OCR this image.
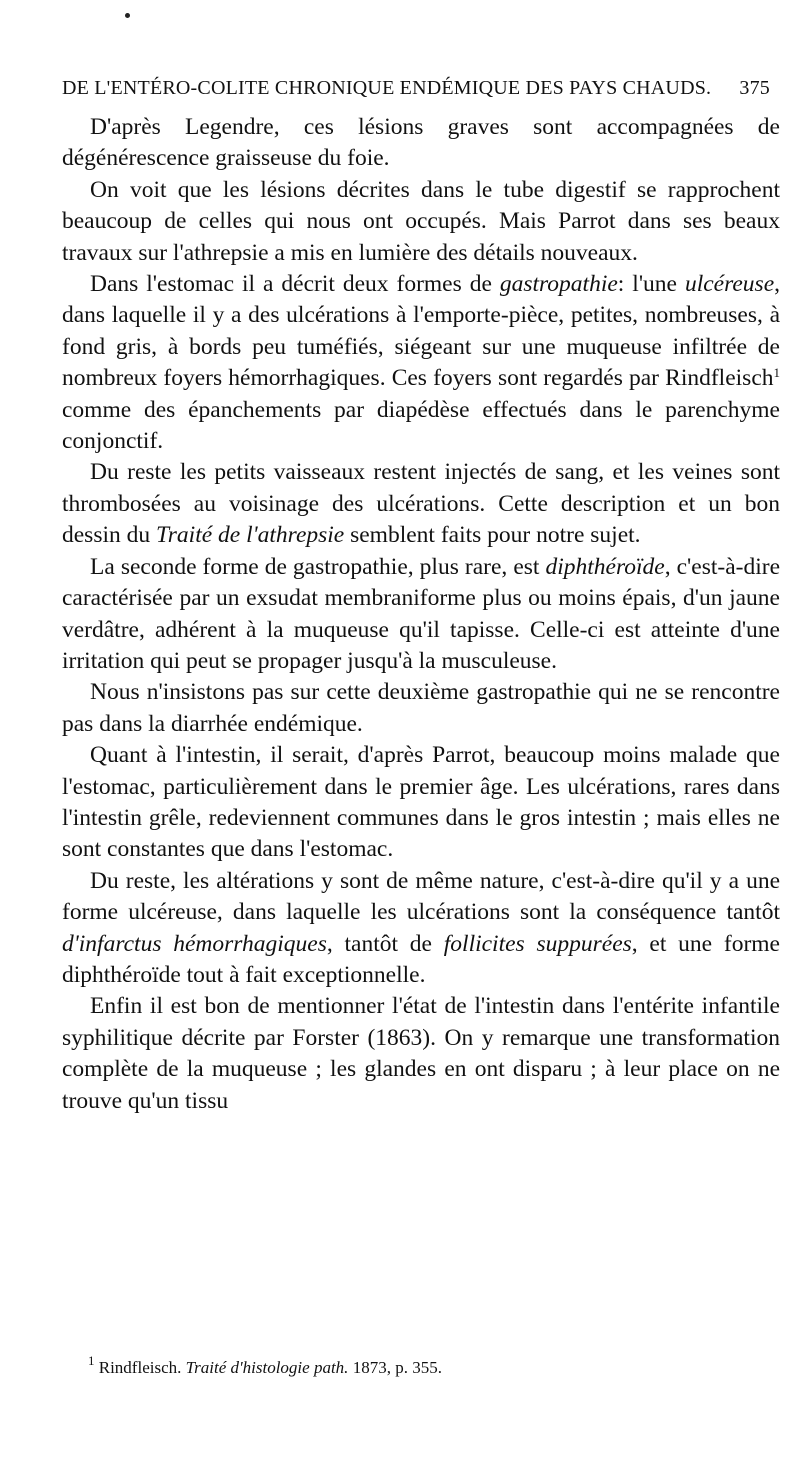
DE L'ENTÉRO-COLITE CHRONIQUE ENDÉMIQUE DES PAYS CHAUDS. 375

D'après Legendre, ces lésions graves sont accompagnées de dégénérescence graisseuse du foie.

On voit que les lésions décrites dans le tube digestif se rapprochent beaucoup de celles qui nous ont occupés. Mais Parrot dans ses beaux travaux sur l'athrepsie a mis en lumière des détails nouveaux.

Dans l'estomac il a décrit deux formes de gastropathie: l'une ulcéreuse, dans laquelle il y a des ulcérations à l'emporte-pièce, petites, nombreuses, à fond gris, à bords peu tuméfiés, siégeant sur une muqueuse infiltrée de nombreux foyers hémorrhagiques. Ces foyers sont regardés par Rindfleisch$^1$ comme des épanchements par diapédèse effectués dans le parenchyme conjonctif.

Du reste les petits vaisseaux restent injectés de sang, et les veines sont thrombosées au voisinage des ulcérations. Cette description et un bon dessin du Traité de l'athrepsie semblent faits pour notre sujet.

La seconde forme de gastropathie, plus rare, est diphthéroïde, c'est-à-dire caractérisée par un exsudat membraniforme plus ou moins épais, d'un jaune verdâtre, adhérent à la muqueuse qu'il tapisse. Celle-ci est atteinte d'une irritation qui peut se propager jusqu'à la musculeuse.

Nous n'insistons pas sur cette deuxième gastropathie qui ne se rencontre pas dans la diarrhée endémique.

Quant à l'intestin, il serait, d'après Parrot, beaucoup moins malade que l'estomac, particulièrement dans le premier âge. Les ulcérations, rares dans l'intestin grêle, redeviennent communes dans le gros intestin ; mais elles ne sont constantes que dans l'estomac.

Du reste, les altérations y sont de même nature, c'est-à-dire qu'il y a une forme ulcéreuse, dans laquelle les ulcérations sont la conséquence tantôt d'infarctus hémorrhagiques, tantôt de follicites suppurées, et une forme diphthéroïde tout à fait exceptionnelle.

Enfin il est bon de mentionner l'état de l'intestin dans l'entérite infantile syphilitique décrite par Forster (1863). On y remarque une transformation complète de la muqueuse ; les glandes en ont disparu ; à leur place on ne trouve qu'un tissu

$^1$ Rindfleisch. Traité d'histologie path. 1873, p. 355.
